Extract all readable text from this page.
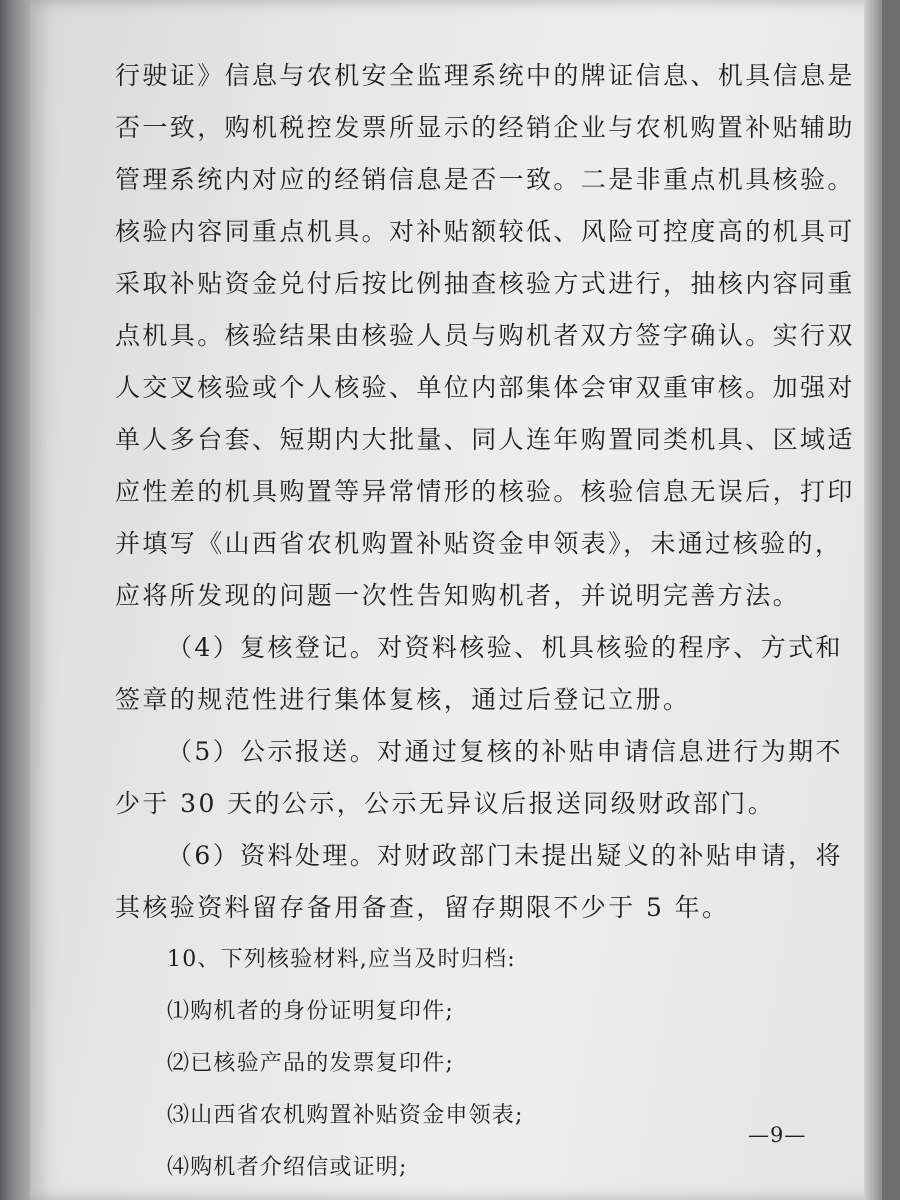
行驶证》信息与农机安全监理系统中的牌证信息、机具信息是
否一致，购机税控发票所显示的经销企业与农机购置补贴辅助
管理系统内对应的经销信息是否一致。二是非重点机具核验。
核验内容同重点机具。对补贴额较低、风险可控度高的机具可
采取补贴资金兑付后按比例抽查核验方式进行，抽核内容同重
点机具。核验结果由核验人员与购机者双方签字确认。实行双
人交叉核验或个人核验、单位内部集体会审双重审核。加强对
单人多台套、短期内大批量、同人连年购置同类机具、区域适
应性差的机具购置等异常情形的核验。核验信息无误后，打印
并填写《山西省农机购置补贴资金申领表》，未通过核验的，
应将所发现的问题一次性告知购机者，并说明完善方法。
（4）复核登记。对资料核验、机具核验的程序、方式和
签章的规范性进行集体复核，通过后登记立册。
（5）公示报送。对通过复核的补贴申请信息进行为期不
少于 30 天的公示，公示无异议后报送同级财政部门。
（6）资料处理。对财政部门未提出疑义的补贴申请，将
其核验资料留存备用备查，留存期限不少于 5 年。
10、下列核验材料,应当及时归档:
⑴购机者的身份证明复印件;
⑵已核验产品的发票复印件;
⑶山西省农机购置补贴资金申领表;
⑷购机者介绍信或证明;
—9—
